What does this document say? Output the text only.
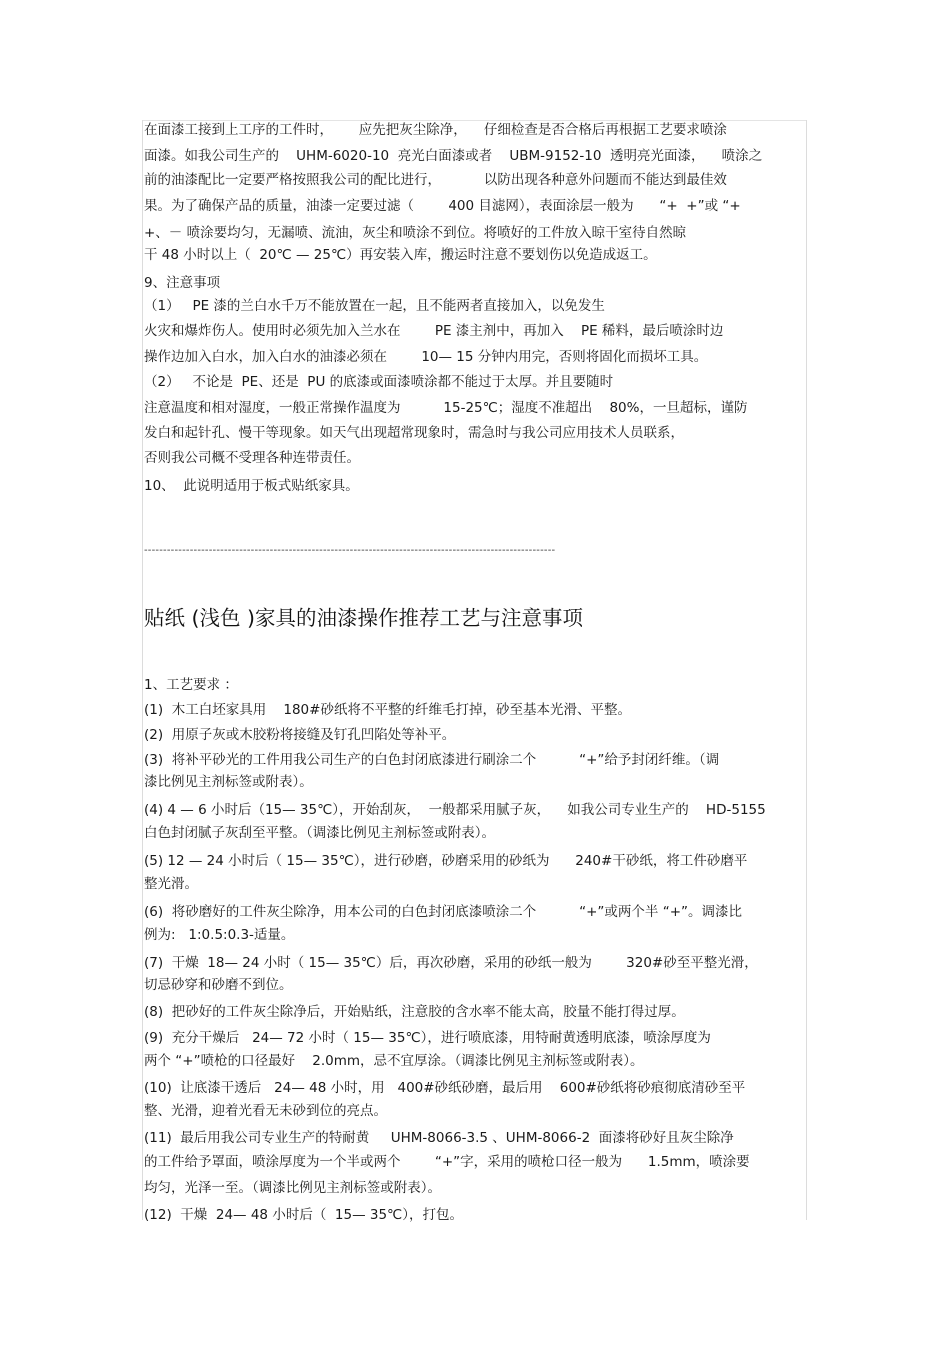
在面漆工接到上工序的工件时，      应先把灰尘除净，    仔细检查是否合格后再根据工艺要求喷涂
面漆。如我公司生产的    UHM-6020-10  亮光白面漆或者    UBM-9152-10  透明亮光面漆，    喷涂之
前的油漆配比一定要严格按照我公司的配比进行，          以防出现各种意外问题而不能达到最佳效
果。为了确保产品的质量，油漆一定要过滤（        400 目滤网），表面涂层一般为      “+  +”或 “+
+、－ 喷涂要均匀，无漏喷、流油，灰尘和喷涂不到位。将喷好的工件放入晾干室待自然晾
干 48 小时以上（  20℃ — 25℃）再安装入库，搬运时注意不要划伤以免造成返工。
9、注意事项
（1）   PE 漆的兰白水千万不能放置在一起，且不能两者直接加入，以免发生
火灾和爆炸伤人。使用时必须先加入兰水在        PE 漆主剂中，再加入    PE 稀料，最后喷涂时边
操作边加入白水，加入白水的油漆必须在        10— 15 分钟内用完，否则将固化而损坏工具。
（2）   不论是  PE、还是  PU 的底漆或面漆喷涂都不能过于太厚。并且要随时
注意温度和相对湿度，一般正常操作温度为          15-25℃；湿度不准超出    80%，一旦超标，谨防
发白和起针孔、慢干等现象。如天气出现超常现象时，需急时与我公司应用技术人员联系，
否则我公司概不受理各种连带责任。
10、  此说明适用于板式贴纸家具。
------------------------------------------------------------------------------------------------------------
贴纸 (浅色 )家具的油漆操作推荐工艺与注意事项
1、工艺要求 ：
(1)  木工白坯家具用    180#砂纸将不平整的纤维毛打掉，砂至基本光滑、平整。
(2)  用原子灰或木胶粉将接缝及钉孔凹陷处等补平。
(3)  将补平砂光的工件用我公司生产的白色封闭底漆进行刷涂二个          “+”给予封闭纤维。（调
漆比例见主剂标签或附表）。
(4) 4 — 6 小时后（15— 35℃），开始刮灰，  一般都采用腻子灰，    如我公司专业生产的    HD-5155
白色封闭腻子灰刮至平整。（调漆比例见主剂标签或附表）。
(5) 12 — 24 小时后（ 15— 35℃），进行砂磨，砂磨采用的砂纸为      240#干砂纸，将工件砂磨平
整光滑。
(6)  将砂磨好的工件灰尘除净，用本公司的白色封闭底漆喷涂二个          “+”或两个半 “+”。调漆比
例为:   1:0.5:0.3-适量。
(7)  干燥  18— 24 小时（ 15— 35℃）后，再次砂磨，采用的砂纸一般为        320#砂至平整光滑，
切忌砂穿和砂磨不到位。
(8)  把砂好的工件灰尘除净后，开始贴纸，注意胶的含水率不能太高，胶量不能打得过厚。
(9)  充分干燥后   24— 72 小时（ 15— 35℃），进行喷底漆，用特耐黄透明底漆，喷涂厚度为
两个 “+”喷枪的口径最好    2.0mm，忌不宜厚涂。（调漆比例见主剂标签或附表）。
(10)  让底漆干透后   24— 48 小时，用   400#砂纸砂磨，最后用    600#砂纸将砂痕彻底清砂至平
整、光滑，迎着光看无未砂到位的亮点。
(11)  最后用我公司专业生产的特耐黄     UHM-8066-3.5 、UHM-8066-2  面漆将砂好且灰尘除净
的工件给予罩面，喷涂厚度为一个半或两个        “+”字，采用的喷枪口径一般为      1.5mm，喷涂要
均匀，光泽一至。（调漆比例见主剂标签或附表）。
(12)  干燥  24— 48 小时后（  15— 35℃），打包。
